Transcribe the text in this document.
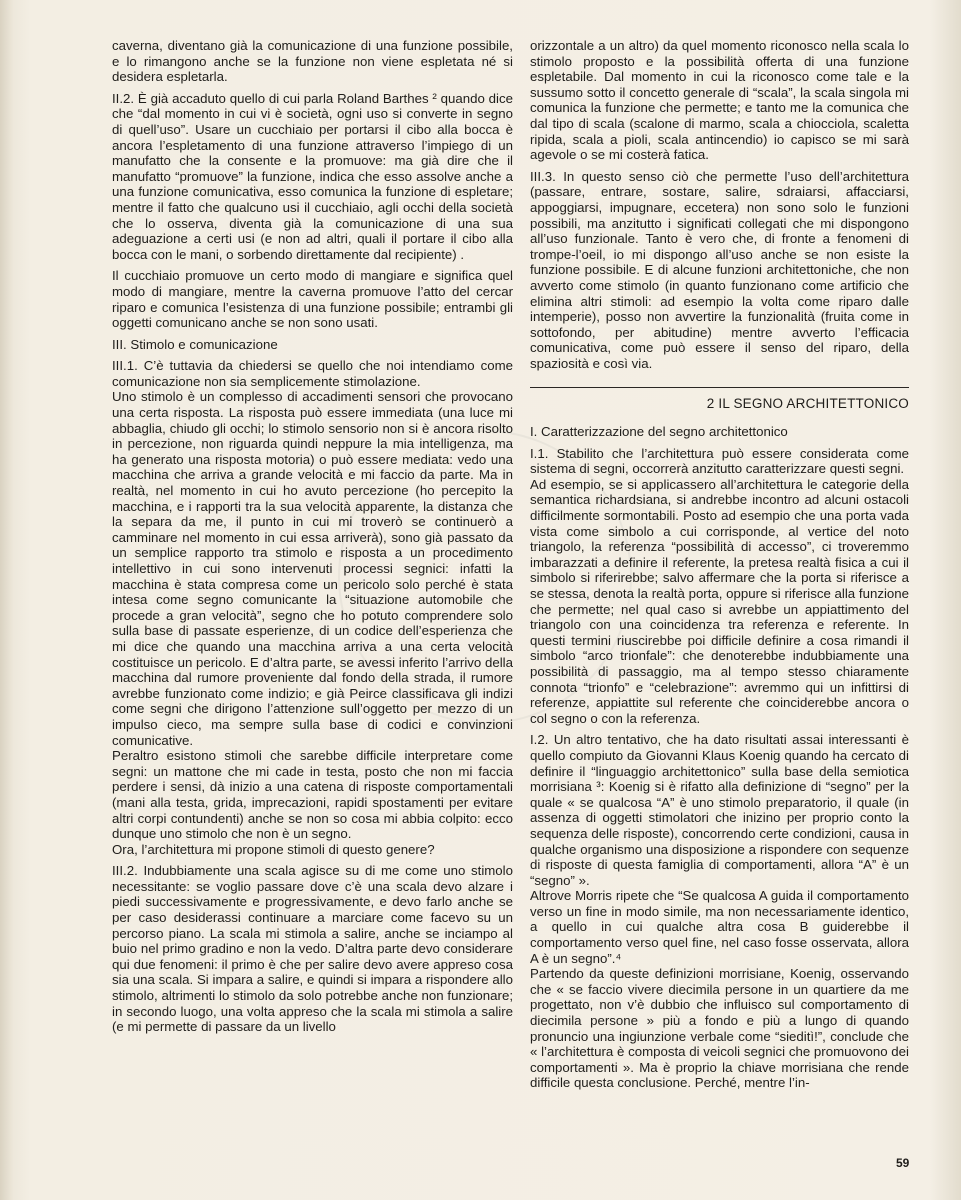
caverna, diventano già la comunicazione di una funzione possibile, e lo rimangono anche se la funzione non viene espletata né si desidera espletarla.

II.2. È già accaduto quello di cui parla Roland Barthes ² quando dice che “dal momento in cui vi è società, ogni uso si converte in segno di quell’uso”. Usare un cucchiaio per portarsi il cibo alla bocca è ancora l’espletamento di una funzione attraverso l’impiego di un manufatto che la consente e la promuove: ma già dire che il manufatto “promuove” la funzione, indica che esso assolve anche a una funzione comunicativa, esso comunica la funzione di espletare; mentre il fatto che qualcuno usi il cucchiaio, agli occhi della società che lo osserva, diventa già la comunicazione di una sua adeguazione a certi usi (e non ad altri, quali il portare il cibo alla bocca con le mani, o sorbendo direttamente dal recipiente) .

Il cucchiaio promuove un certo modo di mangiare e significa quel modo di mangiare, mentre la caverna promuove l’atto del cercar riparo e comunica l’esistenza di una funzione possibile; entrambi gli oggetti comunicano anche se non sono usati.

III. Stimolo e comunicazione

III.1. C’è tuttavia da chiedersi se quello che noi intendiamo come comunicazione non sia semplicemente stimolazione.

Uno stimolo è un complesso di accadimenti sensori che provocano una certa risposta. La risposta può essere immediata (una luce mi abbaglia, chiudo gli occhi; lo stimolo sensorio non si è ancora risolto in percezione, non riguarda quindi neppure la mia intelligenza, ma ha generato una risposta motoria) o può essere mediata: vedo una macchina che arriva a grande velocità e mi faccio da parte. Ma in realtà, nel momento in cui ho avuto percezione (ho percepito la macchina, e i rapporti tra la sua velocità apparente, la distanza che la separa da me, il punto in cui mi troverò se continuerò a camminare nel momento in cui essa arriverà), sono già passato da un semplice rapporto tra stimolo e risposta a un procedimento intellettivo in cui sono intervenuti processi segnici: infatti la macchina è stata compresa come un pericolo solo perché è stata intesa come segno comunicante la “situazione automobile che procede a gran velocità”, segno che ho potuto comprendere solo sulla base di passate esperienze, di un codice dell’esperienza che mi dice che quando una macchina arriva a una certa velocità costituisce un pericolo. E d’altra parte, se avessi inferito l’arrivo della macchina dal rumore proveniente dal fondo della strada, il rumore avrebbe funzionato come indizio; e già Peirce classificava gli indizi come segni che dirigono l’attenzione sull’oggetto per mezzo di un impulso cieco, ma sempre sulla base di codici e convinzioni comunicative.

Peraltro esistono stimoli che sarebbe difficile interpretare come segni: un mattone che mi cade in testa, posto che non mi faccia perdere i sensi, dà inizio a una catena di risposte comportamentali (mani alla testa, grida, imprecazioni, rapidi spostamenti per evitare altri corpi contundenti) anche se non so cosa mi abbia colpito: ecco dunque uno stimolo che non è un segno.

Ora, l’architettura mi propone stimoli di questo genere?

III.2. Indubbiamente una scala agisce su di me come uno stimolo necessitante: se voglio passare dove c’è una scala devo alzare i piedi successivamente e progressivamente, e devo farlo anche se per caso desiderassi continuare a marciare come facevo su un percorso piano. La scala mi stimola a salire, anche se inciampo al buio nel primo gradino e non la vedo. D’altra parte devo considerare qui due fenomeni: il primo è che per salire devo avere appreso cosa sia una scala. Si impara a salire, e quindi si impara a rispondere allo stimolo, altrimenti lo stimolo da solo potrebbe anche non funzionare; in secondo luogo, una volta appreso che la scala mi stimola a salire (e mi permette di passare da un livello

orizzontale a un altro) da quel momento riconosco nella scala lo stimolo proposto e la possibilità offerta di una funzione espletabile. Dal momento in cui la riconosco come tale e la sussumo sotto il concetto generale di “scala”, la scala singola mi comunica la funzione che permette; e tanto me la comunica che dal tipo di scala (scalone di marmo, scala a chiocciola, scaletta ripida, scala a pioli, scala antincendio) io capisco se mi sarà agevole o se mi costerà fatica.

III.3. In questo senso ciò che permette l’uso dell’architettura (passare, entrare, sostare, salire, sdraiarsi, affacciarsi, appoggiarsi, impugnare, eccetera) non sono solo le funzioni possibili, ma anzitutto i significati collegati che mi dispongono all’uso funzionale. Tanto è vero che, di fronte a fenomeni di trompe-l’oeil, io mi dispongo all’uso anche se non esiste la funzione possibile. E di alcune funzioni architettoniche, che non avverto come stimolo (in quanto funzionano come artificio che elimina altri stimoli: ad esempio la volta come riparo dalle intemperie), posso non avvertire la funzionalità (fruita come in sottofondo, per abitudine) mentre avverto l’efficacia comunicativa, come può essere il senso del riparo, della spaziosità e così via.

2 IL SEGNO ARCHITETTONICO

I. Caratterizzazione del segno architettonico

I.1. Stabilito che l’architettura può essere considerata come sistema di segni, occorrerà anzitutto caratterizzare questi segni.

Ad esempio, se si applicassero all’architettura le categorie della semantica richardsiana, si andrebbe incontro ad alcuni ostacoli difficilmente sormontabili. Posto ad esempio che una porta vada vista come simbolo a cui corrisponde, al vertice del noto triangolo, la referenza “possibilità di accesso”, ci troveremmo imbarazzati a definire il referente, la pretesa realtà fisica a cui il simbolo si riferirebbe; salvo affermare che la porta si riferisce a se stessa, denota la realtà porta, oppure si riferisce alla funzione che permette; nel qual caso si avrebbe un appiattimento del triangolo con una coincidenza tra referenza e referente. In questi termini riuscirebbe poi difficile definire a cosa rimandi il simbolo “arco trionfale”: che denoterebbe indubbiamente una possibilità di passaggio, ma al tempo stesso chiaramente connota “trionfo” e “celebrazione”: avremmo qui un infittirsi di referenze, appiattite sul referente che coinciderebbe ancora o col segno o con la referenza.

I.2. Un altro tentativo, che ha dato risultati assai interessanti è quello compiuto da Giovanni Klaus Koenig quando ha cercato di definire il “linguaggio architettonico” sulla base della semiotica morrisiana ³: Koenig si è rifatto alla definizione di “segno” per la quale « se qualcosa “A” è uno stimolo preparatorio, il quale (in assenza di oggetti stimolatori che inizino per proprio conto la sequenza delle risposte), concorrendo certe condizioni, causa in qualche organismo una disposizione a rispondere con sequenze di risposte di questa famiglia di comportamenti, allora “A” è un “segno” ».

Altrove Morris ripete che “Se qualcosa A guida il comportamento verso un fine in modo simile, ma non necessariamente identico, a quello in cui qualche altra cosa B guiderebbe il comportamento verso quel fine, nel caso fosse osservata, allora A è un segno”.⁴

Partendo da queste definizioni morrisiane, Koenig, osservando che « se faccio vivere diecimila persone in un quartiere da me progettato, non v’è dubbio che influisco sul comportamento di diecimila persone » più a fondo e più a lungo di quando pronuncio una ingiunzione verbale come “sieditì!”, conclude che « l’architettura è composta di veicoli segnici che promuovono dei comportamenti ». Ma è proprio la chiave morrisiana che rende difficile questa conclusione. Perché, mentre l’in-

59
